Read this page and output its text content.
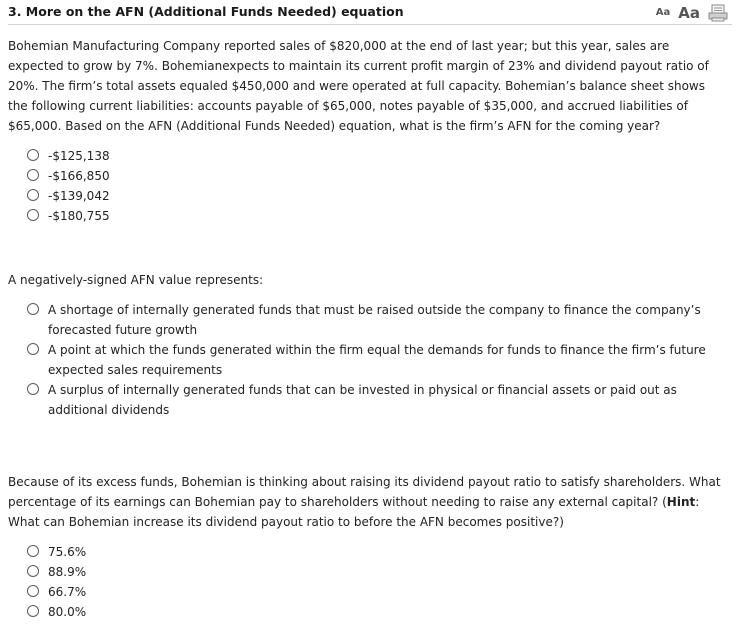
3. More on the AFN (Additional Funds Needed) equation	Aa Aa

Bohemian Manufacturing Company reported sales of $820,000 at the end of last year; but this year, sales are expected to grow by 7%. Bohemianexpects to maintain its current profit margin of 23% and dividend payout ratio of 20%. The firm’s total assets equaled $450,000 and were operated at full capacity. Bohemian’s balance sheet shows the following current liabilities: accounts payable of $65,000, notes payable of $35,000, and accrued liabilities of $65,000. Based on the AFN (Additional Funds Needed) equation, what is the firm’s AFN for the coming year?

-$125,138
-$166,850
-$139,042
-$180,755

A negatively-signed AFN value represents:

A shortage of internally generated funds that must be raised outside the company to finance the company’s forecasted future growth
A point at which the funds generated within the firm equal the demands for funds to finance the firm’s future expected sales requirements
A surplus of internally generated funds that can be invested in physical or financial assets or paid out as additional dividends

Because of its excess funds, Bohemian is thinking about raising its dividend payout ratio to satisfy shareholders. What percentage of its earnings can Bohemian pay to shareholders without needing to raise any external capital? (Hint: What can Bohemian increase its dividend payout ratio to before the AFN becomes positive?)

75.6%
88.9%
66.7%
80.0%
